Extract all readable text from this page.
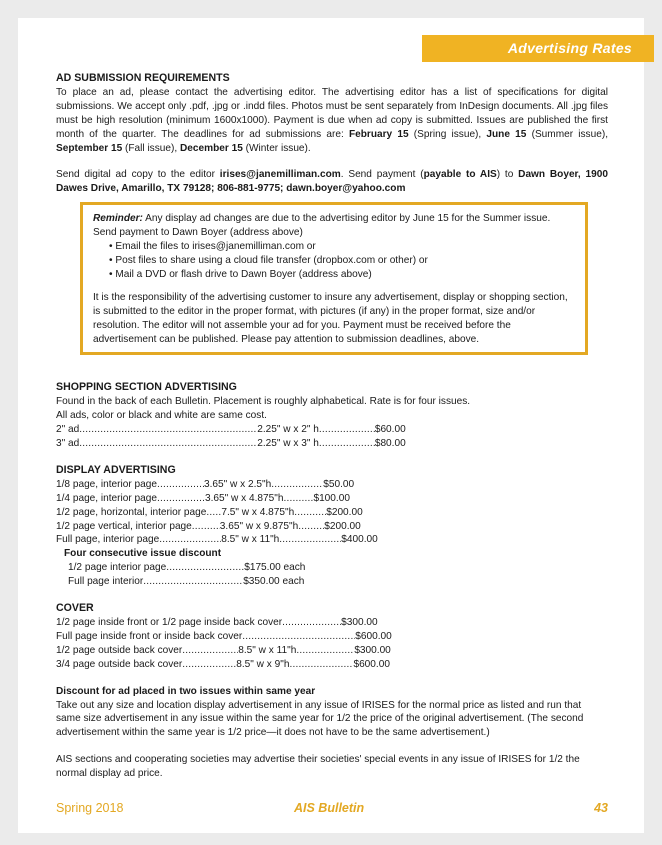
Advertising Rates

AD SUBMISSION REQUIREMENTS

To place an ad, please contact the advertising editor. The advertising editor has a list of specifications for digital submissions. We accept only .pdf, .jpg or .indd files. Photos must be sent separately from InDesign documents. All .jpg files must be high resolution (minimum 1600x1000). Payment is due when ad copy is submitted. Issues are published the first month of the quarter. The deadlines for ad submissions are: February 15 (Spring issue), June 15 (Summer issue), September 15 (Fall issue), December 15 (Winter issue).

Send digital ad copy to the editor irises@janemilliman.com. Send payment (payable to AIS) to Dawn Boyer, 1900 Dawes Drive, Amarillo, TX 79128; 806-881-9775; dawn.boyer@yahoo.com

Reminder: Any display ad changes are due to the advertising editor by June 15 for the Summer issue. Send payment to Dawn Boyer (address above)

• Email the files to irises@janemilliman.com or
• Post files to share using a cloud file transfer (dropbox.com or other) or
• Mail a DVD or flash drive to Dawn Boyer (address above)

It is the responsibility of the advertising customer to insure any advertisement, display or shopping section, is submitted to the editor in the proper format, with pictures (if any) in the proper format, size and/or resolution. The editor will not assemble your ad for you. Payment must be received before the advertisement can be published. Please pay attention to submission deadlines, above.

SHOPPING SECTION ADVERTISING

Found in the back of each Bulletin. Placement is roughly alphabetical. Rate is for four issues.

All ads, color or black and white are same cost.

2" ad .....	2.25" w x 2" h .....	$60.00
3" ad .....	2.25" w x 3" h .....	$80.00

DISPLAY ADVERTISING

1/8 page, interior page .....	3.65" w x 2.5"h .....	$50.00
1/4 page, interior page .....	3.65" w x 4.875"h .....	$100.00
1/2 page, horizontal, interior page ..... 7.5" w x 4.875"h .....	$200.00
1/2 page vertical, interior page .....	3.65" w x 9.875"h .....	$200.00
Full page, interior page .....	8.5" w x 11"h .....	$400.00

Four consecutive issue discount

1/2 page interior page .....	$175.00 each
Full page interior .....	$350.00 each

COVER

1/2 page inside front or 1/2 page inside back cover .....	$300.00
Full page inside front or inside back cover .....	$600.00
1/2 page outside back cover .....	8.5" w x 11"h .....	$300.00
3/4 page outside back cover .....	8.5" w x 9"h .....	$600.00

Discount for ad placed in two issues within same year

Take out any size and location display advertisement in any issue of IRISES for the normal price as listed and run that same size advertisement in any issue within the same year for 1/2 the price of the original advertisement. (The second advertisement within the same year is 1/2 price—it does not have to be the same advertisement.)

AIS sections and cooperating societies may advertise their societies' special events in any issue of IRISES for 1/2 the normal display ad price.

Spring 2018	AIS Bulletin	43
